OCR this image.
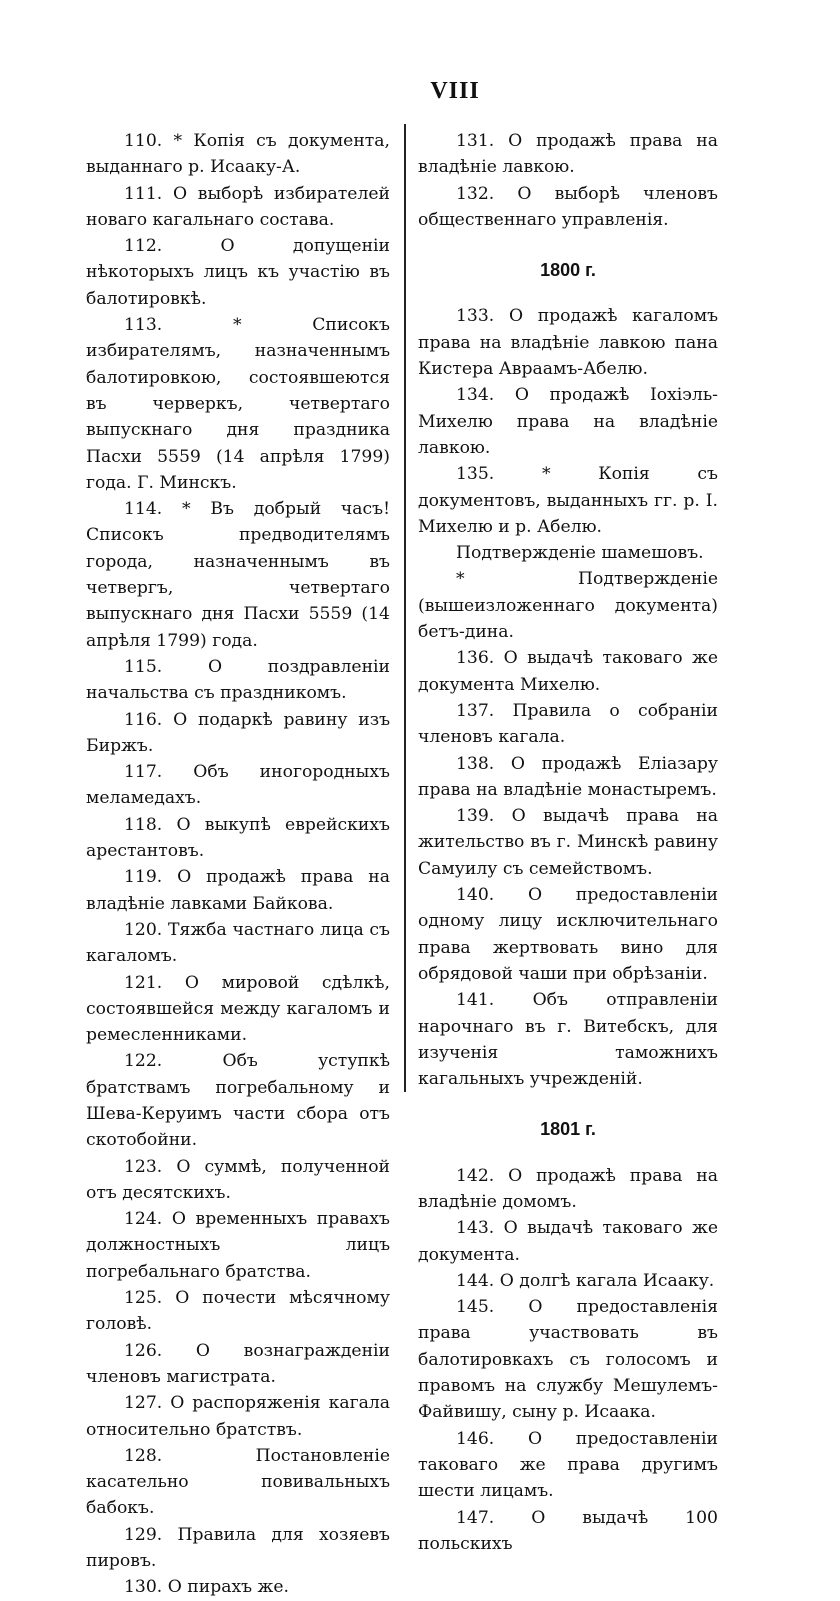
VIII

110. * Копія съ документа, выданнаго р. Исааку-А.

111. О выборѣ избирателей новаго кагальнаго состава.

112. О допущеніи нѣкоторыхъ лицъ къ участію въ балотировкѣ.

113. * Списокъ избирателямъ, назначеннымъ балотировкою, состоявшеются въ черверкъ, четвертаго выпускнаго дня праздника Пасхи 5559 (14 апрѣля 1799) года. Г. Минскъ.

114. * Въ добрый часъ! Списокъ предводителямъ города, назначеннымъ въ четвергъ, четвертаго выпускнаго дня Пасхи 5559 (14 апрѣля 1799) года.

115. О поздравленіи начальства съ праздникомъ.

116. О подаркѣ равину изъ Биржъ.

117. Объ иногородныхъ меламедахъ.

118. О выкупѣ еврейскихъ арестантовъ.

119. О продажѣ права на владѣніе лавками Байкова.

120. Тяжба частнаго лица съ кагаломъ.

121. О мировой сдѣлкѣ, состоявшейся между кагаломъ и ремесленниками.

122. Объ уступкѣ братствамъ погребальному и Шева-Керуимъ части сбора отъ скотобойни.

123. О суммѣ, полученной отъ десятскихъ.

124. О временныхъ правахъ должностныхъ лицъ погребальнаго братства.

125. О почести мѣсячному головѣ.

126. О вознагражденіи членовъ магистрата.

127. О распоряженія кагала относительно братствъ.

128. Постановленіе касательно повивальныхъ бабокъ.

129. Правила для хозяевъ пировъ.

130. О пирахъ же.

131. О продажѣ права на владѣніе лавкою.

132. О выборѣ членовъ общественнаго управленія.

1800 г.

133. О продажѣ кагаломъ права на владѣніе лавкою пана Кистера Авраамъ-Абелю.

134. О продажѣ Іохіэль-Михелю права на владѣніе лавкою.

135. * Копія съ документовъ, выданныхъ гг. р. І. Михелю и р. Абелю.

Подтвержденіе шамешовъ.

* Подтвержденіе (вышеизложеннаго документа) бетъ-дина.

136. О выдачѣ таковаго же документа Михелю.

137. Правила о собраніи членовъ кагала.

138. О продажѣ Еліазару права на владѣніе монастыремъ.

139. О выдачѣ права на жительство въ г. Минскѣ равину Самуилу съ семействомъ.

140. О предоставленіи одному лицу исключительнаго права жертвовать вино для обрядовой чаши при обрѣзаніи.

141. Объ отправленіи нарочнаго въ г. Витебскъ, для изученія таможнихъ кагальныхъ учрежденій.

1801 г.

142. О продажѣ права на владѣніе домомъ.

143. О выдачѣ таковаго же документа.

144. О долгѣ кагала Исааку.

145. О предоставленія права участвовать въ балотировкахъ съ голосомъ и правомъ на службу Мешулемъ-Файвишу, сыну р. Исаака.

146. О предоставленіи таковаго же права другимъ шести лицамъ.

147. О выдачѣ 100 польскихъ
